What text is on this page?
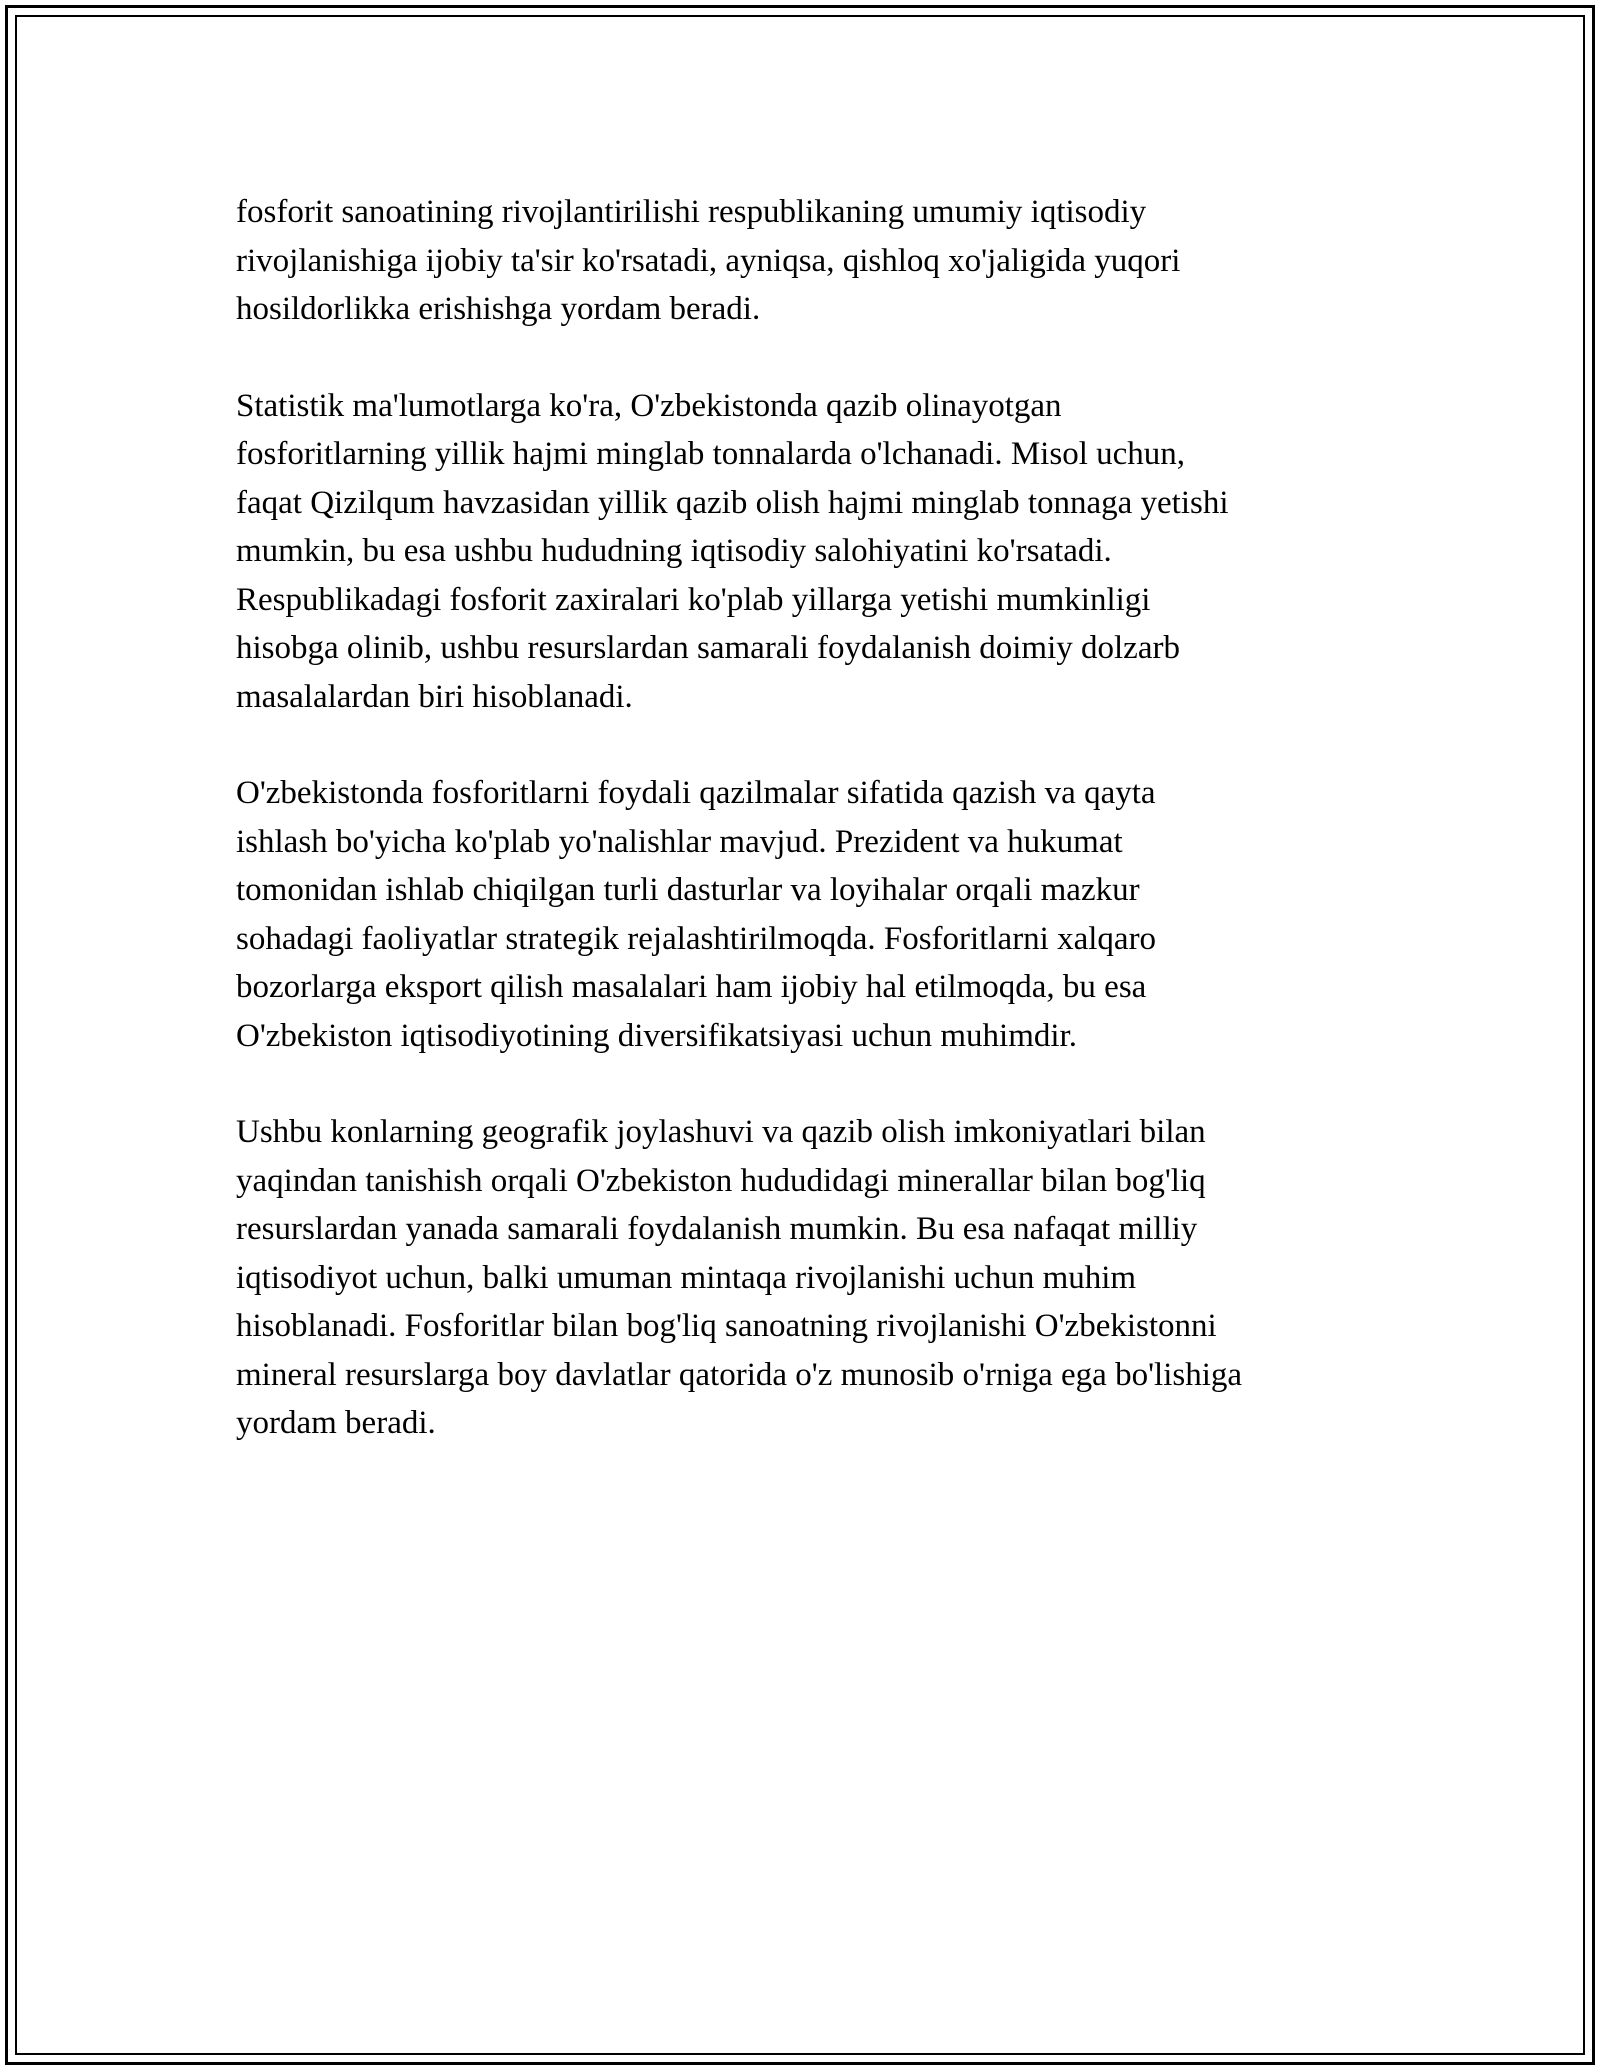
fosforit sanoatining rivojlantirilishi respublikaning umumiy iqtisodiy
rivojlanishiga ijobiy ta'sir ko'rsatadi, ayniqsa, qishloq xo'jaligida yuqori
hosildorlikka erishishga yordam beradi.

Statistik ma'lumotlarga ko'ra, O'zbekistonda qazib olinayotgan
fosforitlarning yillik hajmi minglab tonnalarda o'lchanadi. Misol uchun,
faqat Qizilqum havzasidan yillik qazib olish hajmi minglab tonnaga yetishi
mumkin, bu esa ushbu hududning iqtisodiy salohiyatini ko'rsatadi.
Respublikadagi fosforit zaxiralari ko'plab yillarga yetishi mumkinligi
hisobga olinib, ushbu resurslardan samarali foydalanish doimiy dolzarb
masalalardan biri hisoblanadi.

O'zbekistonda fosforitlarni foydali qazilmalar sifatida qazish va qayta
ishlash bo'yicha ko'plab yo'nalishlar mavjud. Prezident va hukumat
tomonidan ishlab chiqilgan turli dasturlar va loyihalar orqali mazkur
sohadagi faoliyatlar strategik rejalashtirilmoqda. Fosforitlarni xalqaro
bozorlarga eksport qilish masalalari ham ijobiy hal etilmoqda, bu esa
O'zbekiston iqtisodiyotining diversifikatsiyasi uchun muhimdir.

Ushbu konlarning geografik joylashuvi va qazib olish imkoniyatlari bilan
yaqindan tanishish orqali O'zbekiston hududidagi minerallar bilan bog'liq
resurslardan yanada samarali foydalanish mumkin. Bu esa nafaqat milliy
iqtisodiyot uchun, balki umuman mintaqa rivojlanishi uchun muhim
hisoblanadi. Fosforitlar bilan bog'liq sanoatning rivojlanishi O'zbekistonni
mineral resurslarga boy davlatlar qatorida o'z munosib o'rniga ega bo'lishiga
yordam beradi.
